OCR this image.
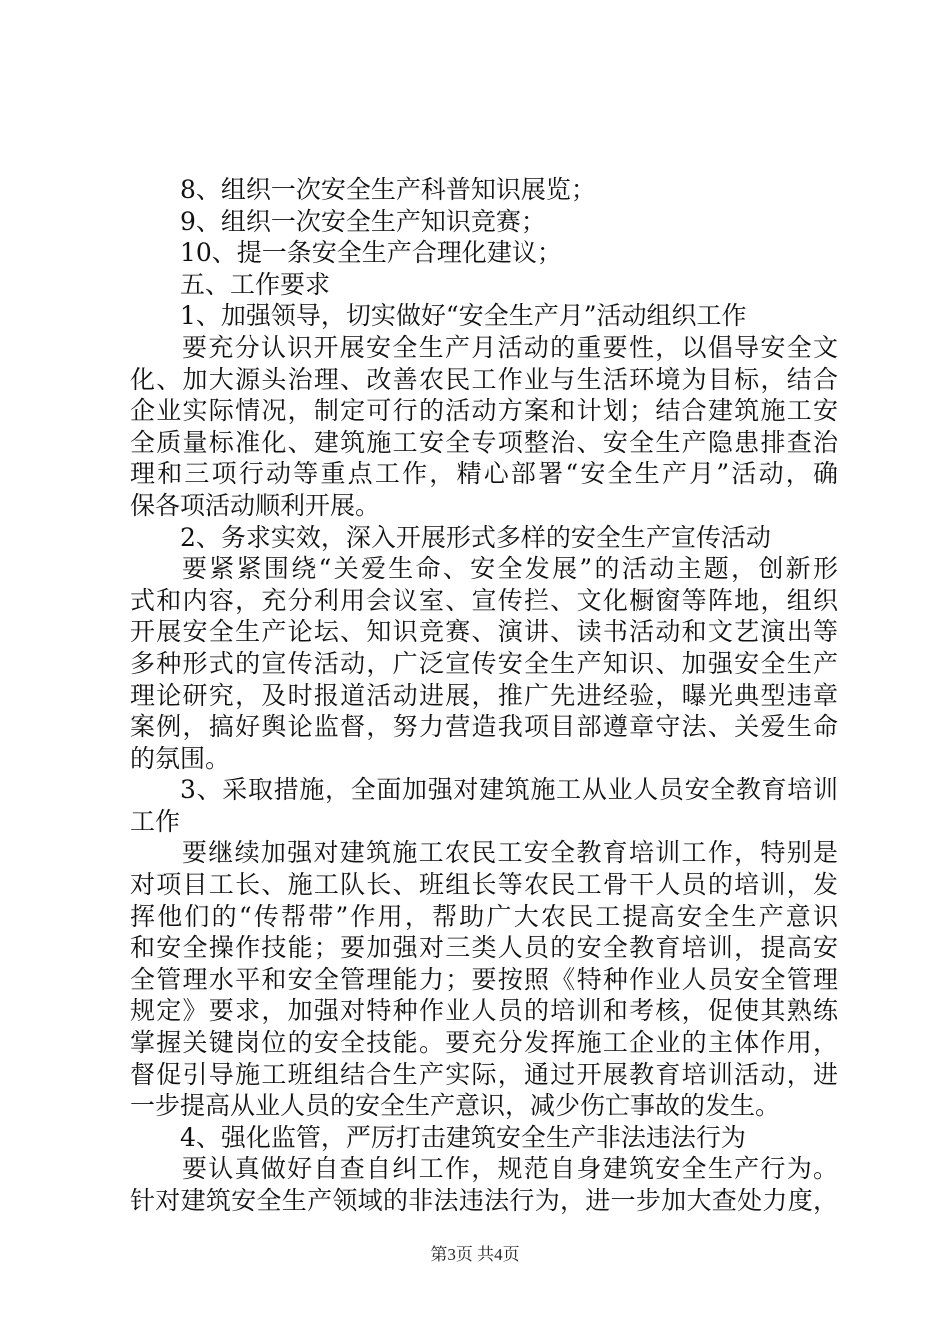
8、组织一次安全生产科普知识展览；
9、组织一次安全生产知识竞赛；
10、提一条安全生产合理化建议；
五、工作要求
1、加强领导，切实做好“安全生产月”活动组织工作
要充分认识开展安全生产月活动的重要性，以倡导安全文
化、加大源头治理、改善农民工作业与生活环境为目标，结合
企业实际情况，制定可行的活动方案和计划；结合建筑施工安
全质量标准化、建筑施工安全专项整治、安全生产隐患排查治
理和三项行动等重点工作，精心部署“安全生产月”活动，确
保各项活动顺利开展。
2、务求实效，深入开展形式多样的安全生产宣传活动
要紧紧围绕“关爱生命、安全发展”的活动主题，创新形
式和内容，充分利用会议室、宣传拦、文化橱窗等阵地，组织
开展安全生产论坛、知识竞赛、演讲、读书活动和文艺演出等
多种形式的宣传活动，广泛宣传安全生产知识、加强安全生产
理论研究，及时报道活动进展，推广先进经验，曝光典型违章
案例，搞好舆论监督，努力营造我项目部遵章守法、关爱生命
的氛围。
3、采取措施，全面加强对建筑施工从业人员安全教育培训
工作
要继续加强对建筑施工农民工安全教育培训工作，特别是
对项目工长、施工队长、班组长等农民工骨干人员的培训，发
挥他们的“传帮带”作用，帮助广大农民工提高安全生产意识
和安全操作技能；要加强对三类人员的安全教育培训，提高安
全管理水平和安全管理能力；要按照《特种作业人员安全管理
规定》要求，加强对特种作业人员的培训和考核，促使其熟练
掌握关键岗位的安全技能。要充分发挥施工企业的主体作用，
督促引导施工班组结合生产实际，通过开展教育培训活动，进
一步提高从业人员的安全生产意识，减少伤亡事故的发生。
4、强化监管，严厉打击建筑安全生产非法违法行为
要认真做好自查自纠工作，规范自身建筑安全生产行为。
针对建筑安全生产领域的非法违法行为，进一步加大查处力度，
第3页 共4页
